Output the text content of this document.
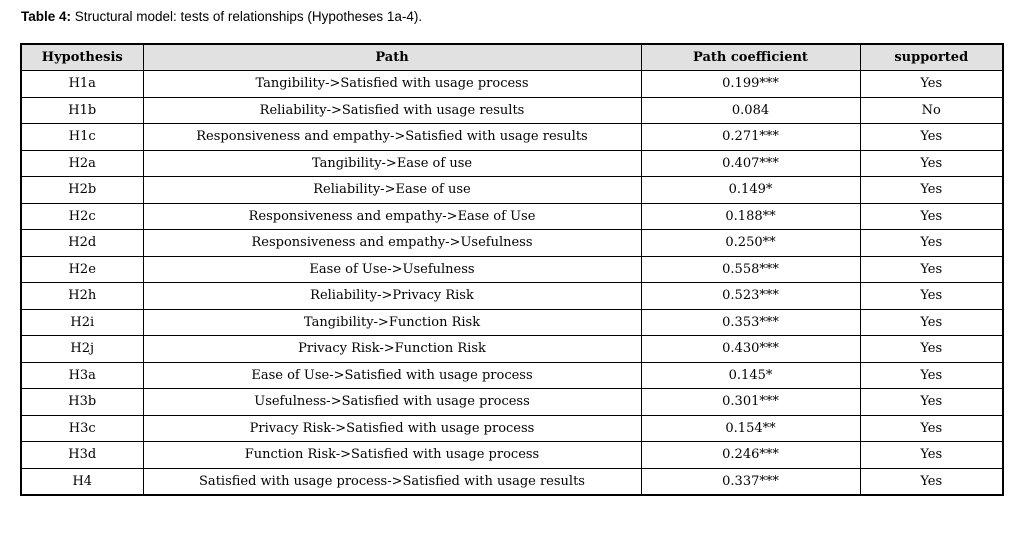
Table 4: Structural model: tests of relationships (Hypotheses 1a-4).
Hypothesis	Path	Path coefficient	supported
H1a	Tangibility->Satisfied with usage process	0.199***	Yes
H1b	Reliability->Satisfied with usage results	0.084	No
H1c	Responsiveness and empathy->Satisfied with usage results	0.271***	Yes
H2a	Tangibility->Ease of use	0.407***	Yes
H2b	Reliability->Ease of use	0.149*	Yes
H2c	Responsiveness and empathy->Ease of Use	0.188**	Yes
H2d	Responsiveness and empathy->Usefulness	0.250**	Yes
H2e	Ease of Use->Usefulness	0.558***	Yes
H2h	Reliability->Privacy Risk	0.523***	Yes
H2i	Tangibility->Function Risk	0.353***	Yes
H2j	Privacy Risk->Function Risk	0.430***	Yes
H3a	Ease of Use->Satisfied with usage process	0.145*	Yes
H3b	Usefulness->Satisfied with usage process	0.301***	Yes
H3c	Privacy Risk->Satisfied with usage process	0.154**	Yes
H3d	Function Risk->Satisfied with usage process	0.246***	Yes
H4	Satisfied with usage process->Satisfied with usage results	0.337***	Yes
